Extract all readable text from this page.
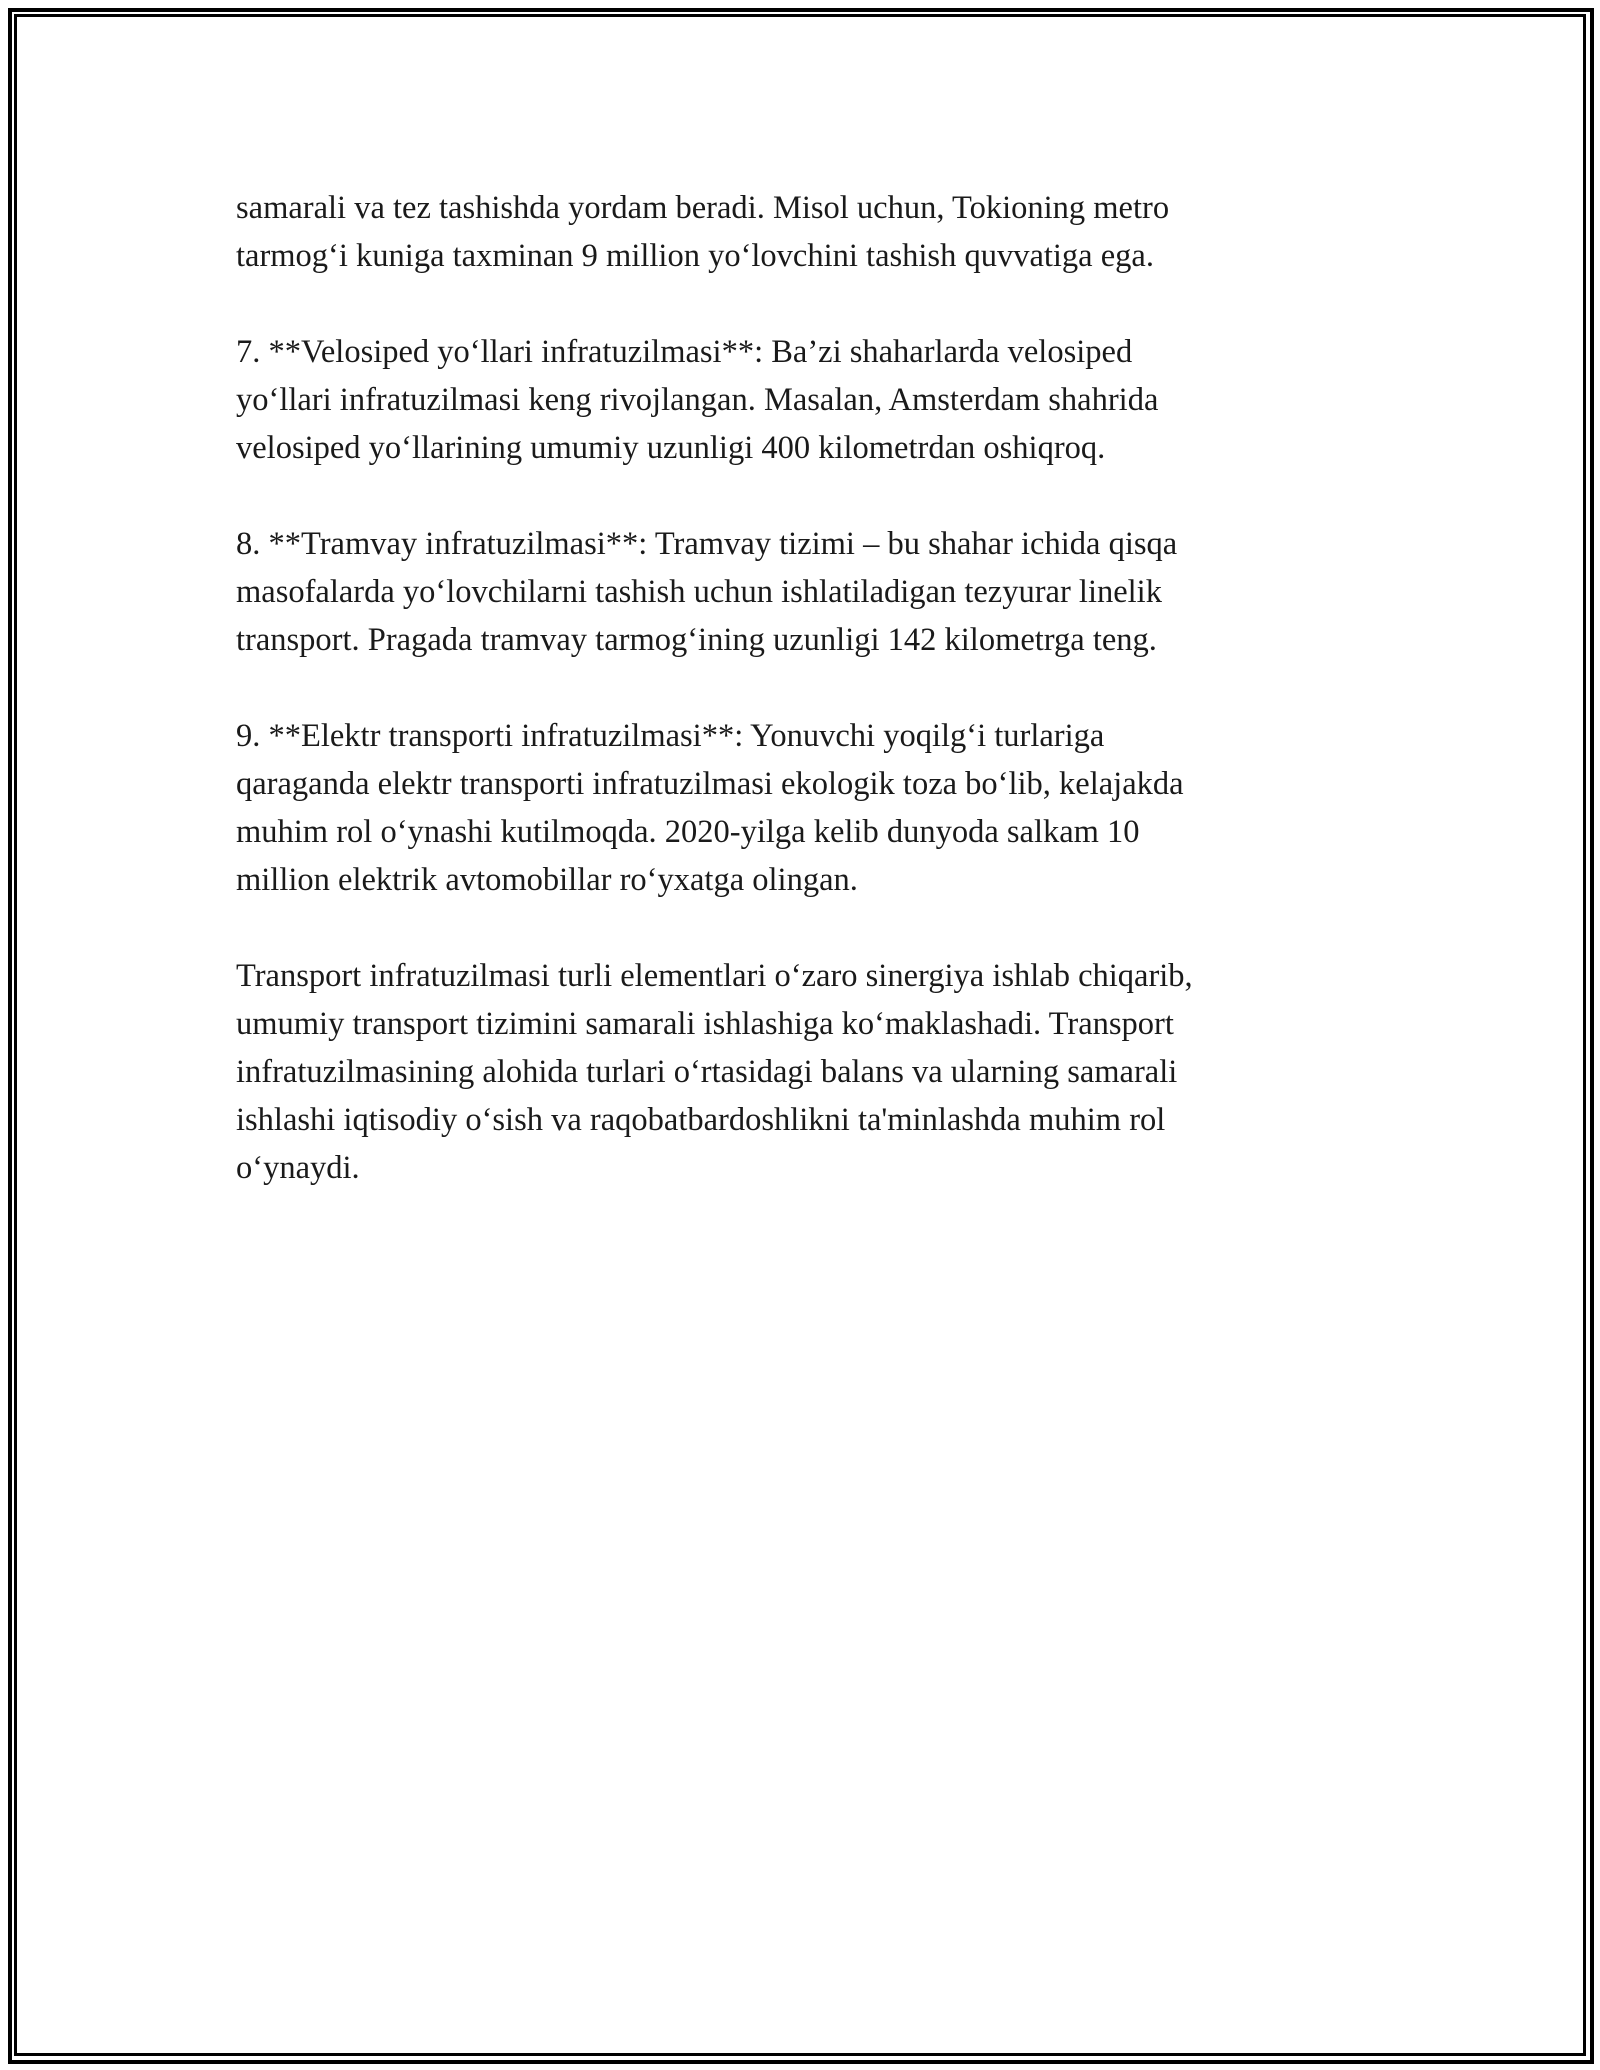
samarali va tez tashishda yordam beradi. Misol uchun, Tokioning metro
tarmog‘i kuniga taxminan 9 million yo‘lovchini tashish quvvatiga ega.

7. **Velosiped yo‘llari infratuzilmasi**: Ba’zi shaharlarda velosiped
yo‘llari infratuzilmasi keng rivojlangan. Masalan, Amsterdam shahrida
velosiped yo‘llarining umumiy uzunligi 400 kilometrdan oshiqroq.

8. **Tramvay infratuzilmasi**: Tramvay tizimi – bu shahar ichida qisqa
masofalarda yo‘lovchilarni tashish uchun ishlatiladigan tezyurar linelik
transport. Pragada tramvay tarmog‘ining uzunligi 142 kilometrga teng.

9. **Elektr transporti infratuzilmasi**: Yonuvchi yoqilg‘i turlariga
qaraganda elektr transporti infratuzilmasi ekologik toza bo‘lib, kelajakda
muhim rol o‘ynashi kutilmoqda. 2020-yilga kelib dunyoda salkam 10
million elektrik avtomobillar ro‘yxatga olingan.

Transport infratuzilmasi turli elementlari o‘zaro sinergiya ishlab chiqarib,
umumiy transport tizimini samarali ishlashiga ko‘maklashadi. Transport
infratuzilmasining alohida turlari o‘rtasidagi balans va ularning samarali
ishlashi iqtisodiy o‘sish va raqobatbardoshlikni ta'minlashda muhim rol
o‘ynaydi.
